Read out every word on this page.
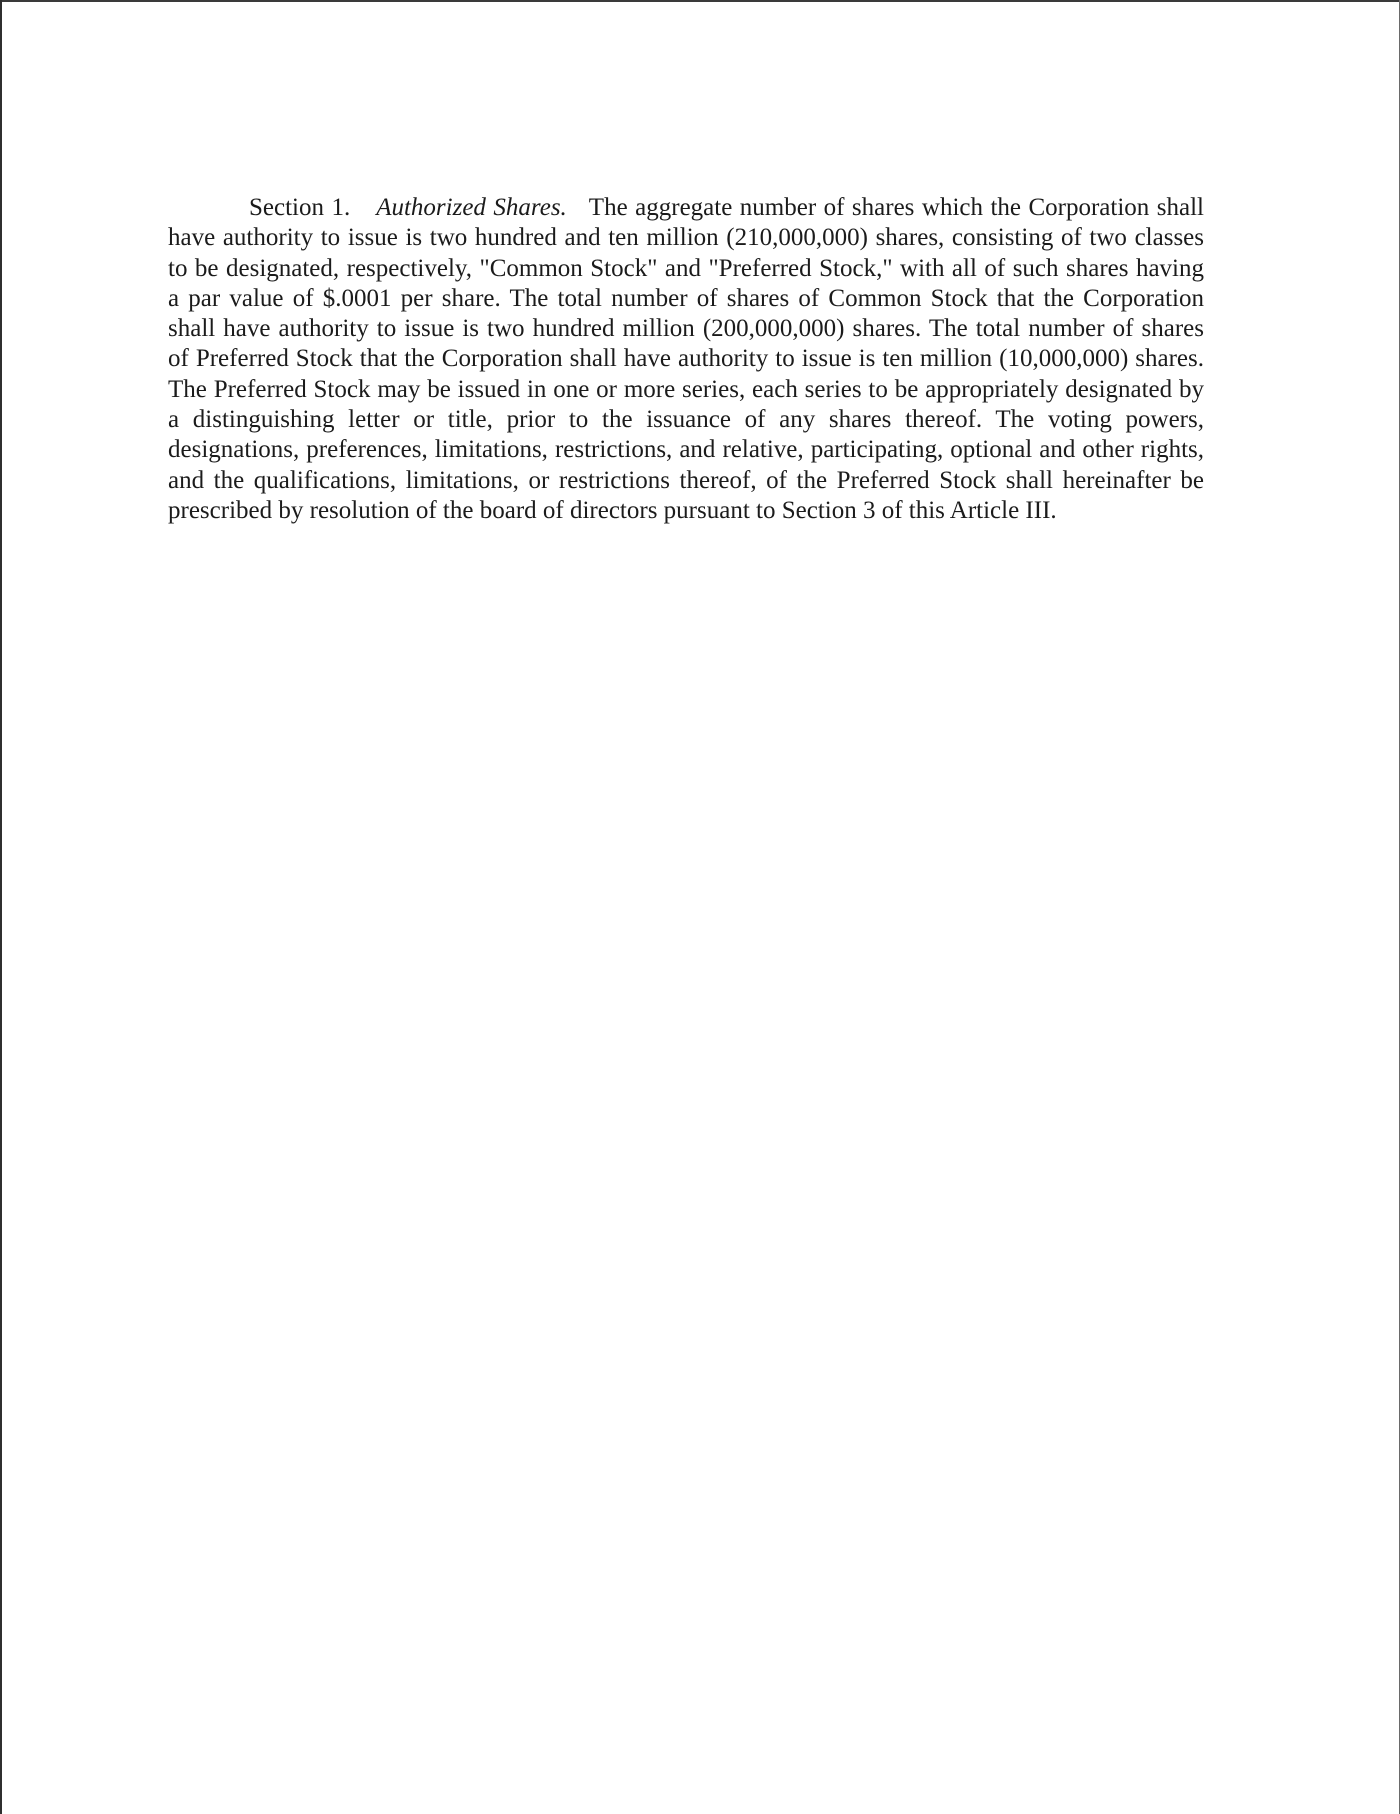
Section 1. Authorized Shares. The aggregate number of shares which the Corporation shall have authority to issue is two hundred and ten million (210,000,000) shares, consisting of two classes to be designated, respectively, "Common Stock" and "Preferred Stock," with all of such shares having a par value of $.0001 per share. The total number of shares of Common Stock that the Corporation shall have authority to issue is two hundred million (200,000,000) shares. The total number of shares of Preferred Stock that the Corporation shall have authority to issue is ten million (10,000,000) shares. The Preferred Stock may be issued in one or more series, each series to be appropriately designated by a distinguishing letter or title, prior to the issuance of any shares thereof. The voting powers, designations, preferences, limitations, restrictions, and relative, participating, optional and other rights, and the qualifications, limitations, or restrictions thereof, of the Preferred Stock shall hereinafter be prescribed by resolution of the board of directors pursuant to Section 3 of this Article III.
